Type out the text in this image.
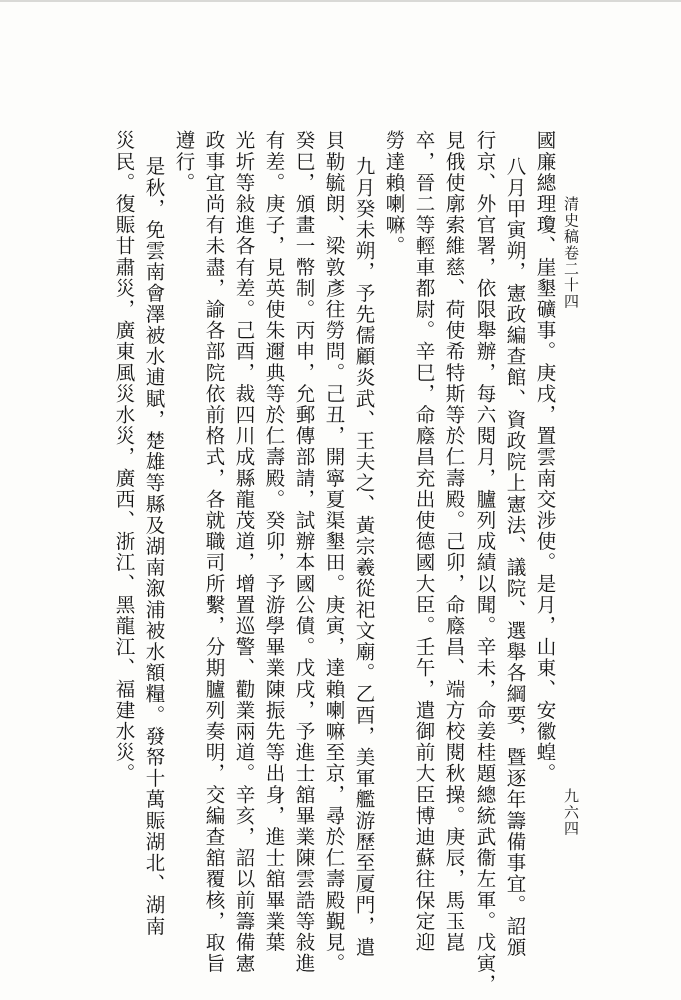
清史稿卷二十四
九六四
國廉總理瓊、崖墾礦事。庚戌，置雲南交涉使。是月，山東、安徽蝗。
八月甲寅朔，憲政編查館、資政院上憲法、議院、選舉各綱要，暨逐年籌備事宜。詔頒
行京、外官署，依限舉辦，每六閱月，臚列成績以聞。辛未，命姜桂題總統武衞左軍。戊寅，
見俄使廓索維慈、荷使希特斯等於仁壽殿。己卯，命廕昌、端方校閱秋操。庚辰，馬玉崑
卒，晉二等輕車都尉。辛巳，命廕昌充出使德國大臣。壬午，遣御前大臣博迪蘇往保定迎
勞達賴喇嘛。
九月癸未朔，予先儒顧炎武、王夫之、黃宗羲從祀文廟。乙酉，美軍艦游歷至厦門，遣
貝勒毓朗、梁敦彥往勞問。己丑，開寧夏渠墾田。庚寅，達賴喇嘛至京，尋於仁壽殿覲見。
癸巳，頒畫一幣制。丙申，允郵傳部請，試辦本國公債。戊戌，予進士舘畢業陳雲誥等敍進
有差。庚子，見英使朱邇典等於仁壽殿。癸卯，予游學畢業陳振先等出身，進士舘畢業葉
光圻等敍進各有差。己酉，裁四川成縣龍茂道，增置巡警、勸業兩道。辛亥，詔以前籌備憲
政事宜尚有未盡，諭各部院依前格式，各就職司所繫，分期臚列奏明，交編查舘覆核，取旨
遵行。
是秋，免雲南會澤被水逋賦，楚雄等縣及湖南溆浦被水額糧。發帑十萬賑湖北、湖南
災民。復賑甘肅災，廣東風災水災，廣西、浙江、黑龍江、福建水災。
